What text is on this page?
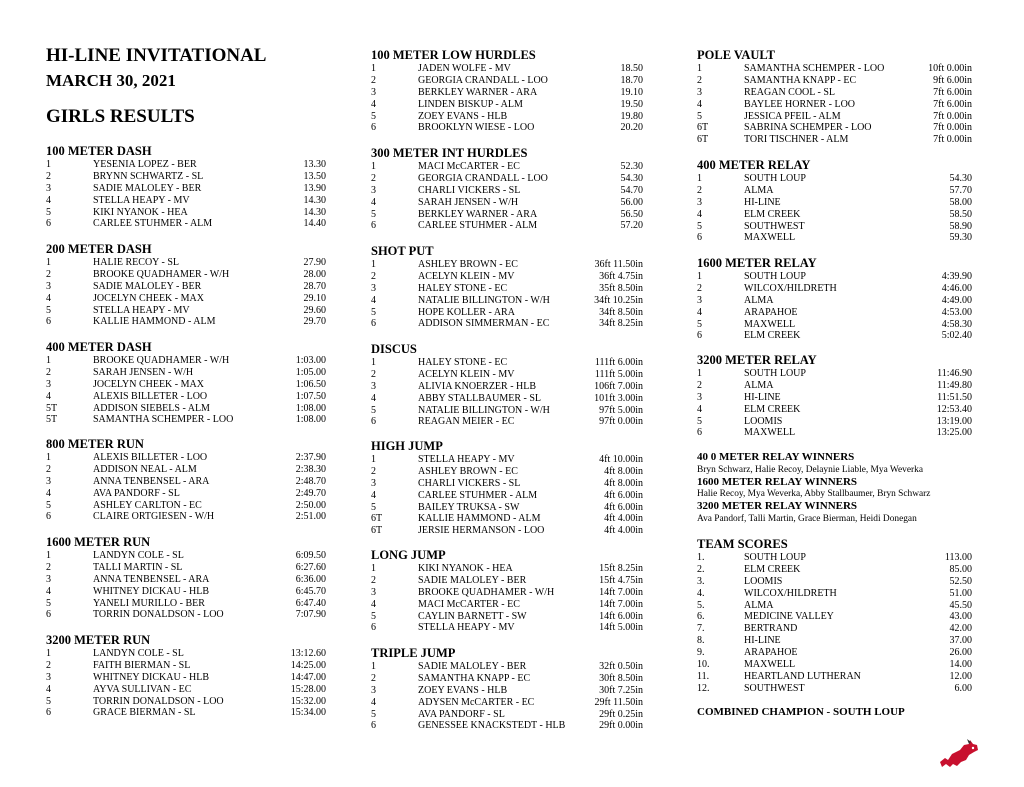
HI-LINE INVITATIONAL
MARCH 30, 2021
GIRLS RESULTS
100 METER DASH
1	YESENIA LOPEZ - BER	13.30
2	BRYNN SCHWARTZ - SL	13.50
3	SADIE MALOLEY - BER	13.90
4	STELLA HEAPY - MV	14.30
5	KIKI NYANOK - HEA	14.30
6	CARLEE STUHMER - ALM	14.40
200 METER DASH
1	HALIE RECOY - SL	27.90
2	BROOKE QUADHAMER - W/H	28.00
3	SADIE MALOLEY - BER	28.70
4	JOCELYN CHEEK - MAX	29.10
5	STELLA HEAPY - MV	29.60
6	KALLIE HAMMOND - ALM	29.70
400 METER DASH
1	BROOKE QUADHAMER - W/H	1:03.00
2	SARAH JENSEN - W/H	1:05.00
3	JOCELYN CHEEK - MAX	1:06.50
4	ALEXIS BILLETER - LOO	1:07.50
5T	ADDISON SIEBELS - ALM	1:08.00
5T	SAMANTHA SCHEMPER - LOO	1:08.00
800 METER RUN
1	ALEXIS BILLETER - LOO	2:37.90
2	ADDISON NEAL - ALM	2:38.30
3	ANNA TENBENSEL - ARA	2:48.70
4	AVA PANDORF - SL	2:49.70
5	ASHLEY CARLTON - EC	2:50.00
6	CLAIRE ORTGIESEN - W/H	2:51.00
1600 METER RUN
1	LANDYN COLE - SL	6:09.50
2	TALLI MARTIN - SL	6:27.60
3	ANNA TENBENSEL - ARA	6:36.00
4	WHITNEY DICKAU - HLB	6:45.70
5	YANELI MURILLO - BER	6:47.40
6	TORRIN DONALDSON - LOO	7:07.90
3200 METER RUN
1	LANDYN COLE - SL	13:12.60
2	FAITH BIERMAN - SL	14:25.00
3	WHITNEY DICKAU - HLB	14:47.00
4	AYVA SULLIVAN - EC	15:28.00
5	TORRIN DONALDSON - LOO	15:32.00
6	GRACE BIERMAN - SL	15:34.00
100 METER LOW HURDLES
1	JADEN WOLFE - MV	18.50
2	GEORGIA CRANDALL - LOO	18.70
3	BERKLEY WARNER - ARA	19.10
4	LINDEN BISKUP - ALM	19.50
5	ZOEY EVANS - HLB	19.80
6	BROOKLYN WIESE - LOO	20.20
300 METER INT HURDLES
1	MACI McCARTER - EC	52.30
2	GEORGIA CRANDALL - LOO	54.30
3	CHARLI VICKERS - SL	54.70
4	SARAH JENSEN - W/H	56.00
5	BERKLEY WARNER - ARA	56.50
6	CARLEE STUHMER - ALM	57.20
SHOT PUT
1	ASHLEY BROWN - EC	36ft 11.50in
2	ACELYN KLEIN - MV	36ft 4.75in
3	HALEY STONE - EC	35ft 8.50in
4	NATALIE BILLINGTON - W/H	34ft 10.25in
5	HOPE KOLLER - ARA	34ft 8.50in
6	ADDISON SIMMERMAN - EC	34ft 8.25in
DISCUS
1	HALEY STONE - EC	111ft 6.00in
2	ACELYN KLEIN - MV	111ft 5.00in
3	ALIVIA KNOERZER - HLB	106ft 7.00in
4	ABBY STALLBAUMER - SL	101ft 3.00in
5	NATALIE BILLINGTON - W/H	97ft 5.00in
6	REAGAN MEIER - EC	97ft 0.00in
HIGH JUMP
1	STELLA HEAPY - MV	4ft 10.00in
2	ASHLEY BROWN - EC	4ft 8.00in
3	CHARLI VICKERS - SL	4ft 8.00in
4	CARLEE STUHMER - ALM	4ft 6.00in
5	BAILEY TRUKSA - SW	4ft 6.00in
6T	KALLIE HAMMOND - ALM	4ft 4.00in
6T	JERSIE HERMANSON - LOO	4ft 4.00in
LONG JUMP
1	KIKI NYANOK - HEA	15ft 8.25in
2	SADIE MALOLEY - BER	15ft 4.75in
3	BROOKE QUADHAMER - W/H	14ft 7.00in
4	MACI McCARTER - EC	14ft 7.00in
5	CAYLIN BARNETT - SW	14ft 6.00in
6	STELLA HEAPY - MV	14ft 5.00in
TRIPLE JUMP
1	SADIE MALOLEY - BER	32ft 0.50in
2	SAMANTHA KNAPP - EC	30ft 8.50in
3	ZOEY EVANS - HLB	30ft 7.25in
4	ADYSEN McCARTER - EC	29ft 11.50in
5	AVA PANDORF - SL	29ft 0.25in
6	GENESSEE KNACKSTEDT - HLB	29ft 0.00in
POLE VAULT
1	SAMANTHA SCHEMPER - LOO	10ft 0.00in
2	SAMANTHA KNAPP - EC	9ft 6.00in
3	REAGAN COOL - SL	7ft 6.00in
4	BAYLEE HORNER - LOO	7ft 6.00in
5	JESSICA PFEIL - ALM	7ft 0.00in
6T	SABRINA SCHEMPER - LOO	7ft 0.00in
6T	TORI TISCHNER - ALM	7ft 0.00in
400 METER RELAY
1	SOUTH LOUP	54.30
2	ALMA	57.70
3	HI-LINE	58.00
4	ELM CREEK	58.50
5	SOUTHWEST	58.90
6	MAXWELL	59.30
1600 METER RELAY
1	SOUTH LOUP	4:39.90
2	WILCOX/HILDRETH	4:46.00
3	ALMA	4:49.00
4	ARAPAHOE	4:53.00
5	MAXWELL	4:58.30
6	ELM CREEK	5:02.40
3200 METER RELAY
1	SOUTH LOUP	11:46.90
2	ALMA	11:49.80
3	HI-LINE	11:51.50
4	ELM CREEK	12:53.40
5	LOOMIS	13:19.00
6	MAXWELL	13:25.00
40 0 METER RELAY WINNERS
Bryn Schwarz, Halie Recoy, Delaynie Liable, Mya Weverka
1600 METER RELAY WINNERS
Halie Recoy, Mya Weverka, Abby Stallbaumer, Bryn Schwarz
3200 METER RELAY WINNERS
Ava Pandorf, Talli Martin, Grace Bierman, Heidi Donegan
TEAM SCORES
1.	SOUTH LOUP	113.00
2.	ELM CREEK	85.00
3.	LOOMIS	52.50
4.	WILCOX/HILDRETH	51.00
5.	ALMA	45.50
6.	MEDICINE VALLEY	43.00
7.	BERTRAND	42.00
8.	HI-LINE	37.00
9.	ARAPAHOE	26.00
10.	MAXWELL	14.00
11.	HEARTLAND LUTHERAN	12.00
12.	SOUTHWEST	6.00
COMBINED CHAMPION - SOUTH LOUP
